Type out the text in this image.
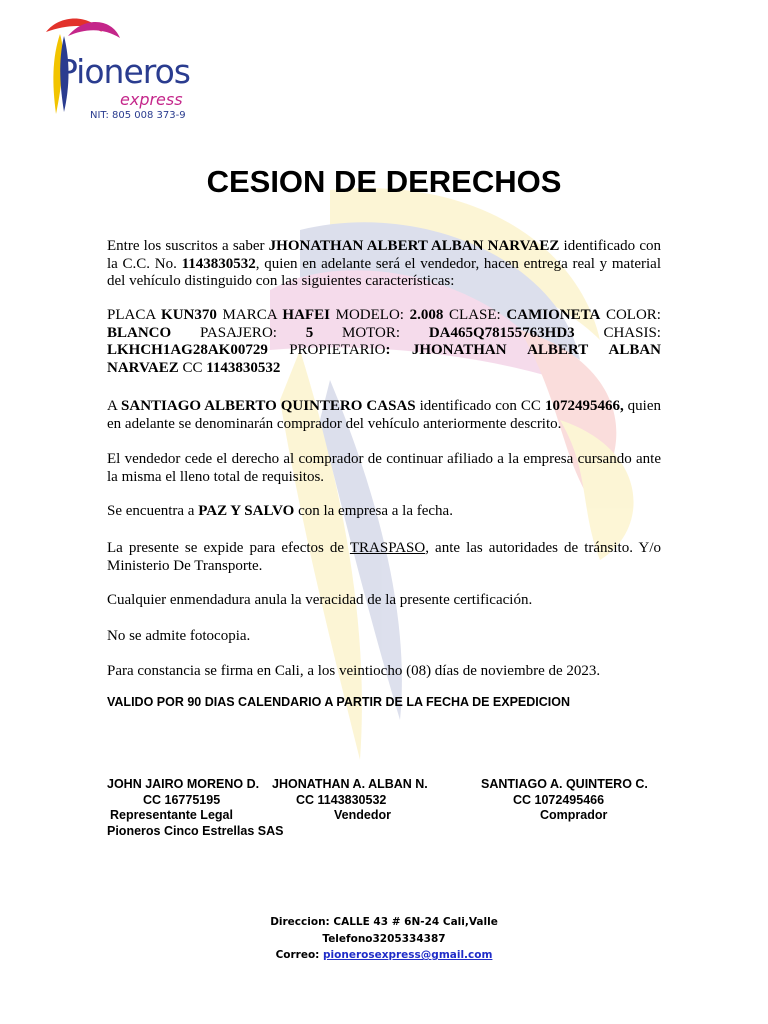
Pioneros
express
NIT: 805 008 373-9
CESION DE DERECHOS

Entre los suscritos a saber JHONATHAN ALBERT ALBAN NARVAEZ identificado con la C.C. No. 1143830532, quien en adelante será el vendedor, hacen entrega real y material del vehículo distinguido con las siguientes características:

PLACA KUN370 MARCA HAFEI MODELO: 2.008 CLASE: CAMIONETA COLOR: BLANCO PASAJERO: 5 MOTOR: DA465Q78155763HD3 CHASIS: LKHCH1AG28AK00729 PROPIETARIO: JHONATHAN ALBERT ALBAN NARVAEZ CC 1143830532

A SANTIAGO ALBERTO QUINTERO CASAS identificado con CC 1072495466, quien en adelante se denominarán comprador del vehículo anteriormente descrito.

El vendedor cede el derecho al comprador de continuar afiliado a la empresa cursando ante la misma el lleno total de requisitos.

Se encuentra a PAZ Y SALVO con la empresa a la fecha.

La presente se expide para efectos de TRASPASO, ante las autoridades de tránsito. Y/o Ministerio De Transporte.

Cualquier enmendadura anula la veracidad de la presente certificación.

No se admite fotocopia.

Para constancia se firma en Cali, a los veintiocho (08) días de noviembre de 2023.

VALIDO POR 90 DIAS CALENDARIO A PARTIR DE LA FECHA DE EXPEDICION
JOHN JAIRO MORENO D.
CC 16775195
Representante Legal
Pioneros Cinco Estrellas SAS
JHONATHAN A. ALBAN N.
CC 1143830532
Vendedor
SANTIAGO A. QUINTERO C.
CC 1072495466
Comprador
Direccion: CALLE 43 # 6N-24 Cali,Valle
Telefono3205334387
Correo: pionerosexpress@gmail.com
